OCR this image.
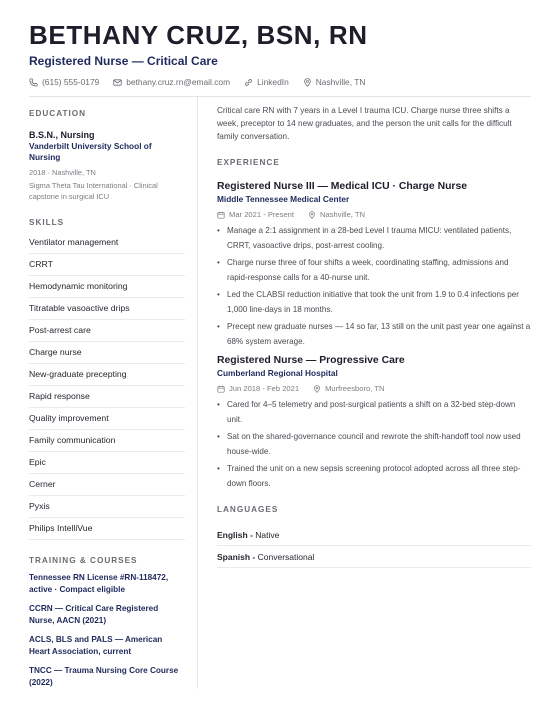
BETHANY CRUZ, BSN, RN
Registered Nurse — Critical Care
(615) 555-0179	bethany.cruz.rn@email.com	LinkedIn	Nashville, TN
EDUCATION
B.S.N., Nursing
Vanderbilt University School of Nursing
2018 · Nashville, TN
Sigma Theta Tau International · Clinical capstone in surgical ICU
SKILLS
Ventilator management
CRRT
Hemodynamic monitoring
Titratable vasoactive drips
Post-arrest care
Charge nurse
New-graduate precepting
Rapid response
Quality improvement
Family communication
Epic
Cerner
Pyxis
Philips IntelliVue
TRAINING & COURSES
Tennessee RN License #RN-118472, active · Compact eligible
CCRN — Critical Care Registered Nurse, AACN (2021)
ACLS, BLS and PALS — American Heart Association, current
TNCC — Trauma Nursing Core Course (2022)

Critical care RN with 7 years in a Level I trauma ICU. Charge nurse three shifts a week, preceptor to 14 new graduates, and the person the unit calls for the difficult family conversation.

EXPERIENCE
Registered Nurse III — Medical ICU · Charge Nurse
Middle Tennessee Medical Center
Mar 2021 - Present	Nashville, TN
• Manage a 2:1 assignment in a 28-bed Level I trauma MICU: ventilated patients, CRRT, vasoactive drips, post-arrest cooling.
• Charge nurse three of four shifts a week, coordinating staffing, admissions and rapid-response calls for a 40-nurse unit.
• Led the CLABSI reduction initiative that took the unit from 1.9 to 0.4 infections per 1,000 line-days in 18 months.
• Precept new graduate nurses — 14 so far, 13 still on the unit past year one against a 68% system average.
Registered Nurse — Progressive Care
Cumberland Regional Hospital
Jun 2018 - Feb 2021	Murfreesboro, TN
• Cared for 4–5 telemetry and post-surgical patients a shift on a 32-bed step-down unit.
• Sat on the shared-governance council and rewrote the shift-handoff tool now used house-wide.
• Trained the unit on a new sepsis screening protocol adopted across all three step-down floors.
LANGUAGES
English - Native
Spanish - Conversational
